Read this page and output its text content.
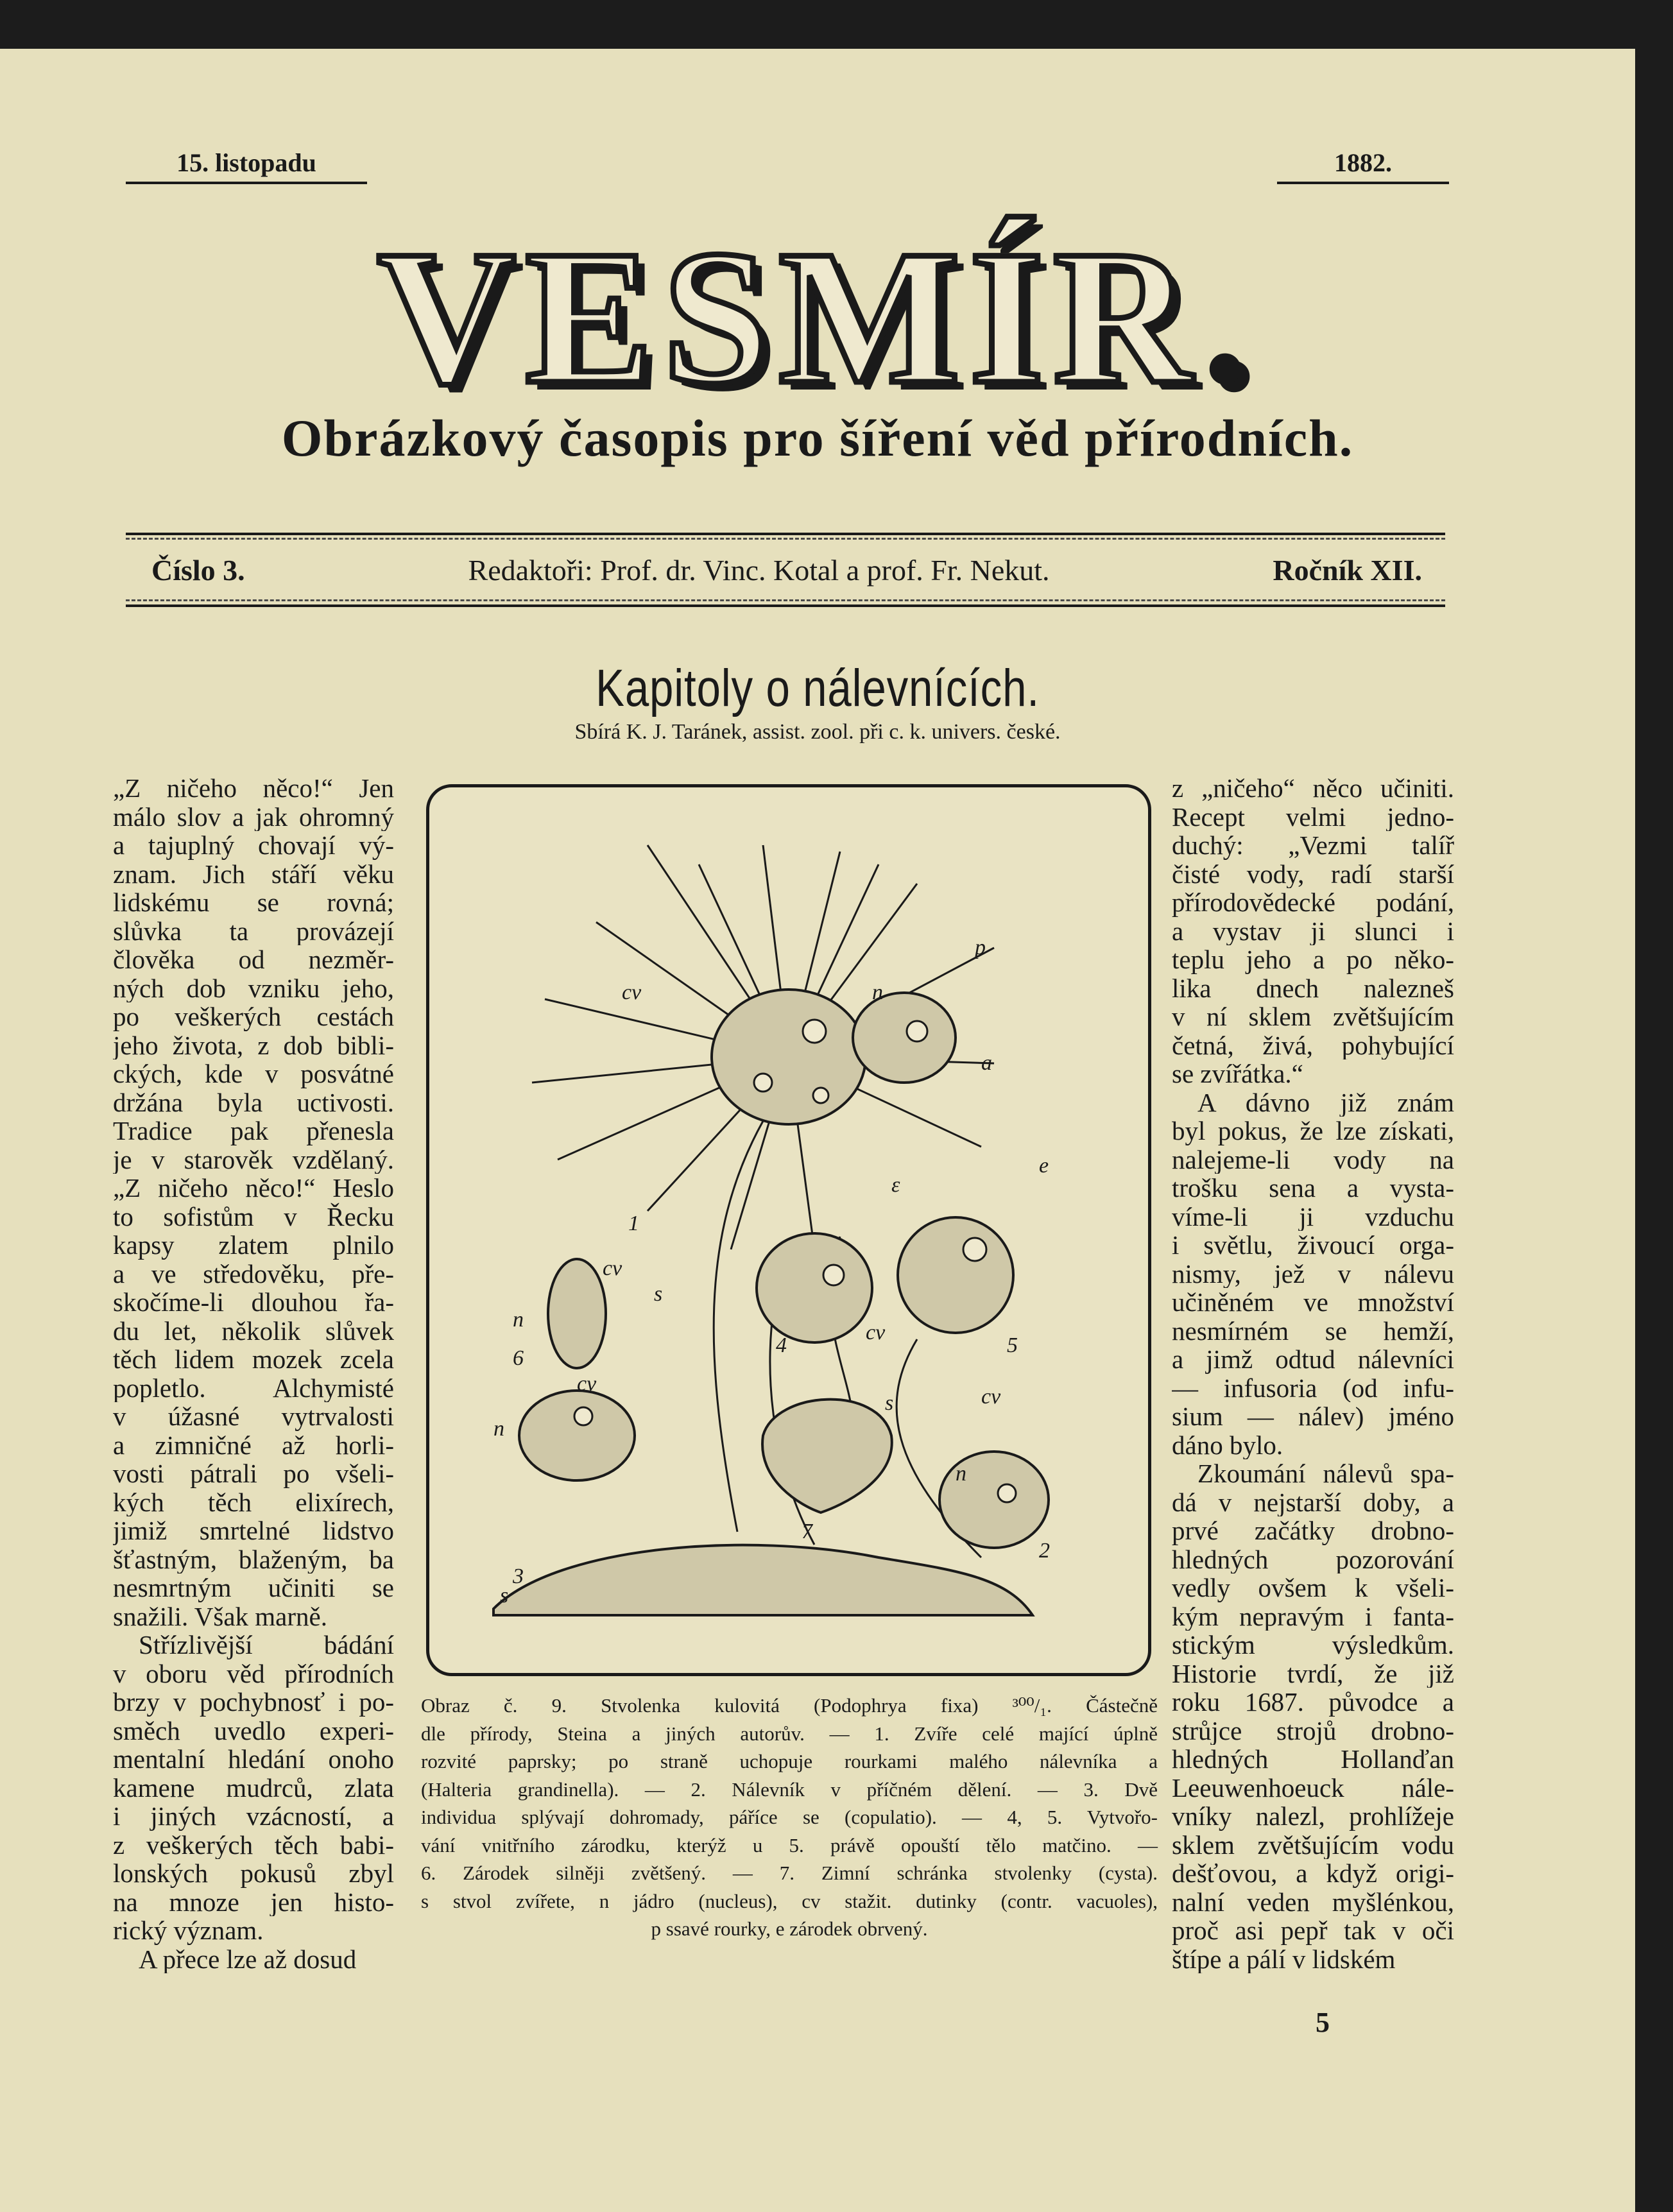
15. listopadu	1882.
VESMÍR.
Obrázkový časopis pro šíření věd přírodních.
Číslo 3.	Redaktoři: Prof. dr. Vinc. Kotal a prof. Fr. Nekut.	Ročník XII.
Kapitoly o nálevnících.
Sbírá K. J. Taránek, assist. zool. při c. k. univers. české.
„Z ničeho něco!“ Jen
málo slov a jak ohromný
a tajuplný chovají vý-
znam. Jich stáří věku
lidskému se rovná;
slůvka ta provázejí
člověka od nezměr-
ných dob vzniku jeho,
po veškerých cestách
jeho života, z dob bibli-
ckých, kde v posvátné
držána byla uctivosti.
Tradice pak přenesla
je v starověk vzdělaný.
„Z ničeho něco!“ Heslo
to sofistům v Řecku
kapsy zlatem plnilo
a ve středověku, pře-
skočíme-li dlouhou řa-
du let, několik slůvek
těch lidem mozek zcela
popletlo. Alchymisté
v úžasné vytrvalosti
a zimničné až horli-
vosti pátrali po všeli-
kých těch elixírech,
jimiž smrtelné lidstvo
šťastným, blaženým, ba
nesmrtným učiniti se
snažili. Však marně.
Střízlivější bádání
v oboru věd přírodních
brzy v pochybnosť i po-
směch uvedlo experi-
mentalní hledání onoho
kamene mudrců, zlata
i jiných vzácností, a
z veškerých těch babi-
lonských pokusů zbyl
na mnoze jen histo-
rický význam.
A přece lze až dosud
z „ničeho“ něco učiniti.
Recept velmi jedno-
duchý: „Vezmi talíř
čisté vody, radí starší
přírodovědecké podání,
a vystav ji slunci i
teplu jeho a po něko-
lika dnech nalezneš
v ní sklem zvětšujícím
četná, živá, pohybující
se zvířátka.“
A dávno již znám
byl pokus, že lze získati,
nalejeme-li vody na
trošku sena a vysta-
víme-li ji vzduchu
i světlu, živoucí orga-
nismy, jež v nálevu
učiněném ve množství
nesmírném se hemží,
a jimž odtud nálevníci
— infusoria (od infu-
sium — nálev) jméno
dáno bylo.
Zkoumání nálevů spa-
dá v nejstarší doby, a
prvé začátky drobno-
hledných pozorování
vedly ovšem k všeli-
kým nepravým i fanta-
stickým výsledkům.
Historie tvrdí, že již
roku 1687. původce a
strůjce strojů drobno-
hledných Hollanďan
Leeuwenhoeuck nále-
vníky nalezl, prohlížeje
sklem zvětšujícím vodu
dešťovou, a když origi-
nalní veden myšlénkou,
proč asi pepř tak v oči
štípe a pálí v lidském
p
cv	n
a
1
ε
e
cv
s
n
6
4
cv
5
n
cv
cv
s
7
n
3
s
2
Obraz č. 9. Stvolenka kulovitá (Podophrya fixa) ³⁰⁰/₁. Částečně
dle přírody, Steina a jiných autorův. — 1. Zvíře celé mající úplně
rozvité paprsky; po straně uchopuje rourkami malého nálevníka a
(Halteria grandinella). — 2. Nálevník v příčném dělení. — 3. Dvě
individua splývají dohromady, páříce se (copulatio). — 4, 5. Vytvořo-
vání vnitřního zárodku, kterýž u 5. právě opouští tělo matčino. —
6. Zárodek silněji zvětšený. — 7. Zimní schránka stvolenky (cysta).
s stvol zvířete, n jádro (nucleus), cv stažit. dutinky (contr. vacuoles),
p ssavé rourky, e zárodek obrvený.
5
